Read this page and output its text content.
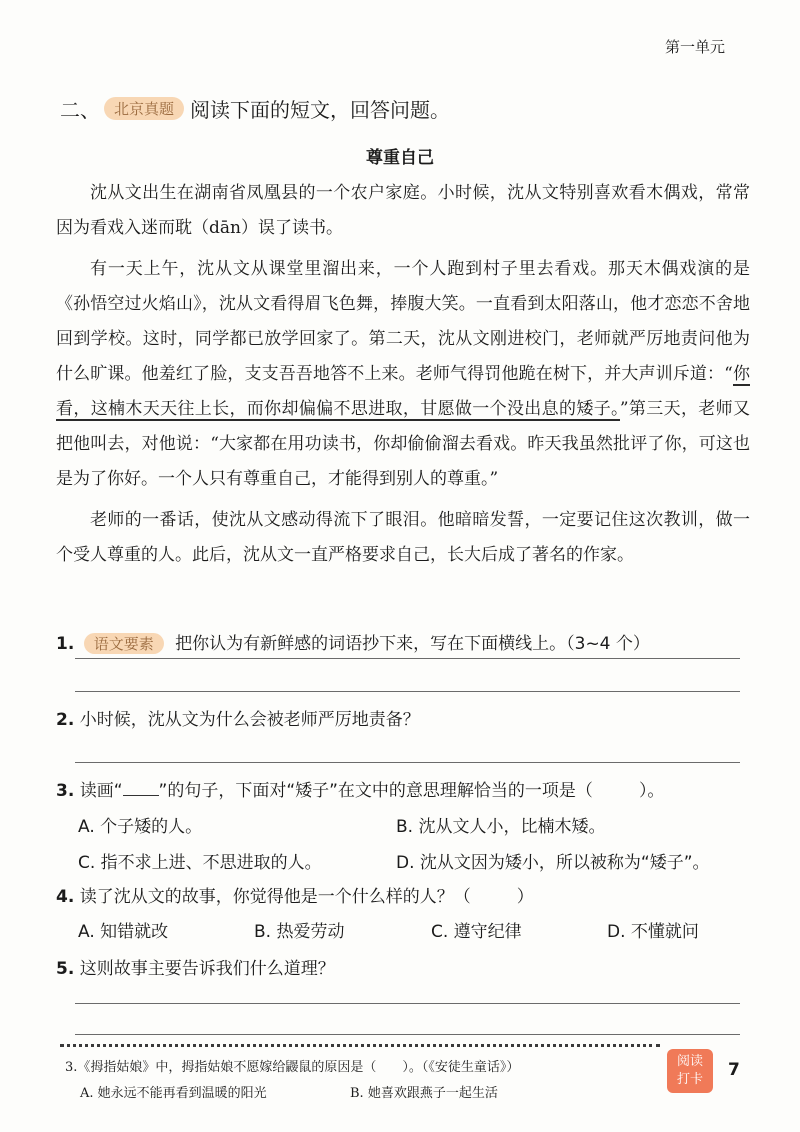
第一单元
二、 北京真题 阅读下面的短文，回答问题。
尊重自己

沈从文出生在湖南省凤凰县的一个农户家庭。小时候，沈从文特别喜欢看木偶戏，常常因为看戏入迷而耽（dān）误了读书。

有一天上午，沈从文从课堂里溜出来，一个人跑到村子里去看戏。那天木偶戏演的是《孙悟空过火焰山》，沈从文看得眉飞色舞，捧腹大笑。一直看到太阳落山，他才恋恋不舍地回到学校。这时，同学都已放学回家了。第二天，沈从文刚进校门，老师就严厉地责问他为什么旷课。他羞红了脸，支支吾吾地答不上来。老师气得罚他跪在树下，并大声训斥道：“你看，这楠木天天往上长，而你却偏偏不思进取，甘愿做一个没出息的矮子。”第三天，老师又把他叫去，对他说：“大家都在用功读书，你却偷偷溜去看戏。昨天我虽然批评了你，可这也是为了你好。一个人只有尊重自己，才能得到别人的尊重。”

老师的一番话，使沈从文感动得流下了眼泪。他暗暗发誓，一定要记住这次教训，做一个受人尊重的人。此后，沈从文一直严格要求自己，长大后成了著名的作家。

1. 语文要素 把你认为有新鲜感的词语抄下来，写在下面横线上。（3~4 个）
2. 小时候，沈从文为什么会被老师严厉地责备？
3. 读画“ ”的句子，下面对“矮子”在文中的意思理解恰当的一项是（	）。
A. 个子矮的人。	B. 沈从文人小，比楠木矮。
C. 指不求上进、不思进取的人。	D. 沈从文因为矮小，所以被称为“矮子”。
4. 读了沈从文的故事，你觉得他是一个什么样的人？（	）
A. 知错就改	B. 热爱劳动	C. 遵守纪律	D. 不懂就问
5. 这则故事主要告诉我们什么道理？
3.《拇指姑娘》中，拇指姑娘不愿嫁给鼹鼠的原因是（　　）。（《安徒生童话》）
A. 她永远不能再看到温暖的阳光	B. 她喜欢跟燕子一起生活
阅读
打卡	7
